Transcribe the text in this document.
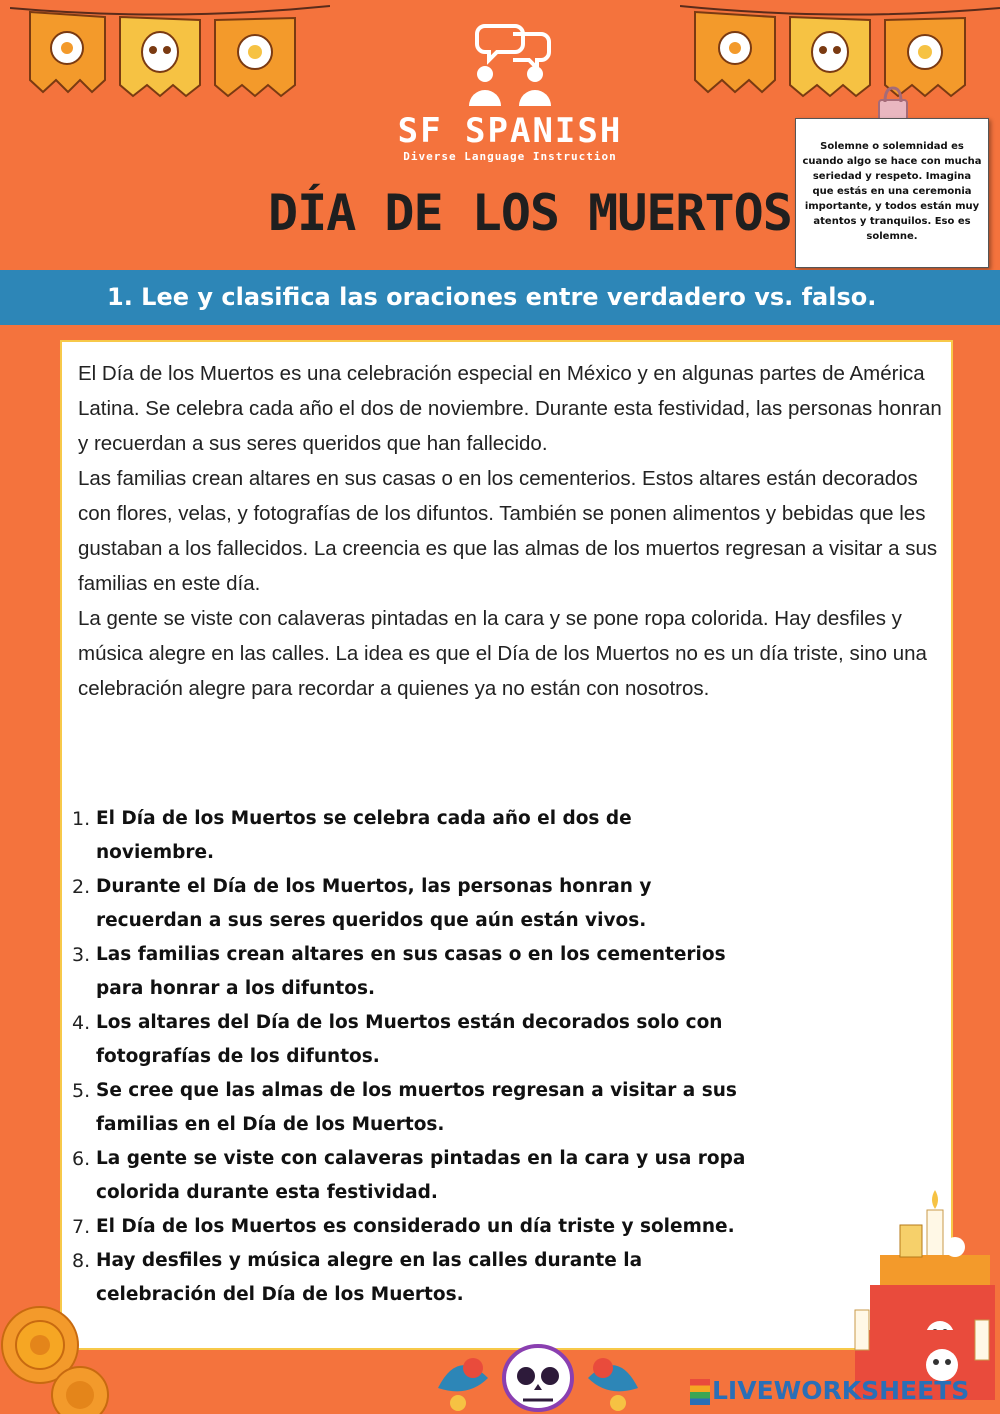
SF SPANISH
Diverse Language Instruction
DÍA DE LOS MUERTOS
Solemne o solemnidad es cuando algo se hace con mucha seriedad y respeto. Imagina que estás en una ceremonia importante, y todos están muy atentos y tranquilos. Eso es solemne.
1. Lee y clasifica las oraciones entre verdadero vs. falso.

El Día de los Muertos es una celebración especial en México y en algunas partes de América Latina. Se celebra cada año el dos de noviembre. Durante esta festividad, las personas honran y recuerdan a sus seres queridos que han fallecido.

Las familias crean altares en sus casas o en los cementerios. Estos altares están decorados con flores, velas, y fotografías de los difuntos. También se ponen alimentos y bebidas que les gustaban a los fallecidos. La creencia es que las almas de los muertos regresan a visitar a sus familias en este día.

La gente se viste con calaveras pintadas en la cara y se pone ropa colorida. Hay desfiles y música alegre en las calles. La idea es que el Día de los Muertos no es un día triste, sino una celebración alegre para recordar a quienes ya no están con nosotros.

1. El Día de los Muertos se celebra cada año el dos de noviembre.
2. Durante el Día de los Muertos, las personas honran y recuerdan a sus seres queridos que aún están vivos.
3. Las familias crean altares en sus casas o en los cementerios para honrar a los difuntos.
4. Los altares del Día de los Muertos están decorados solo con fotografías de los difuntos.
5. Se cree que las almas de los muertos regresan a visitar a sus familias en el Día de los Muertos.
6. La gente se viste con calaveras pintadas en la cara y usa ropa colorida durante esta festividad.
7. El Día de los Muertos es considerado un día triste y solemne.
8. Hay desfiles y música alegre en las calles durante la celebración del Día de los Muertos.
LIVEWORKSHEETS
